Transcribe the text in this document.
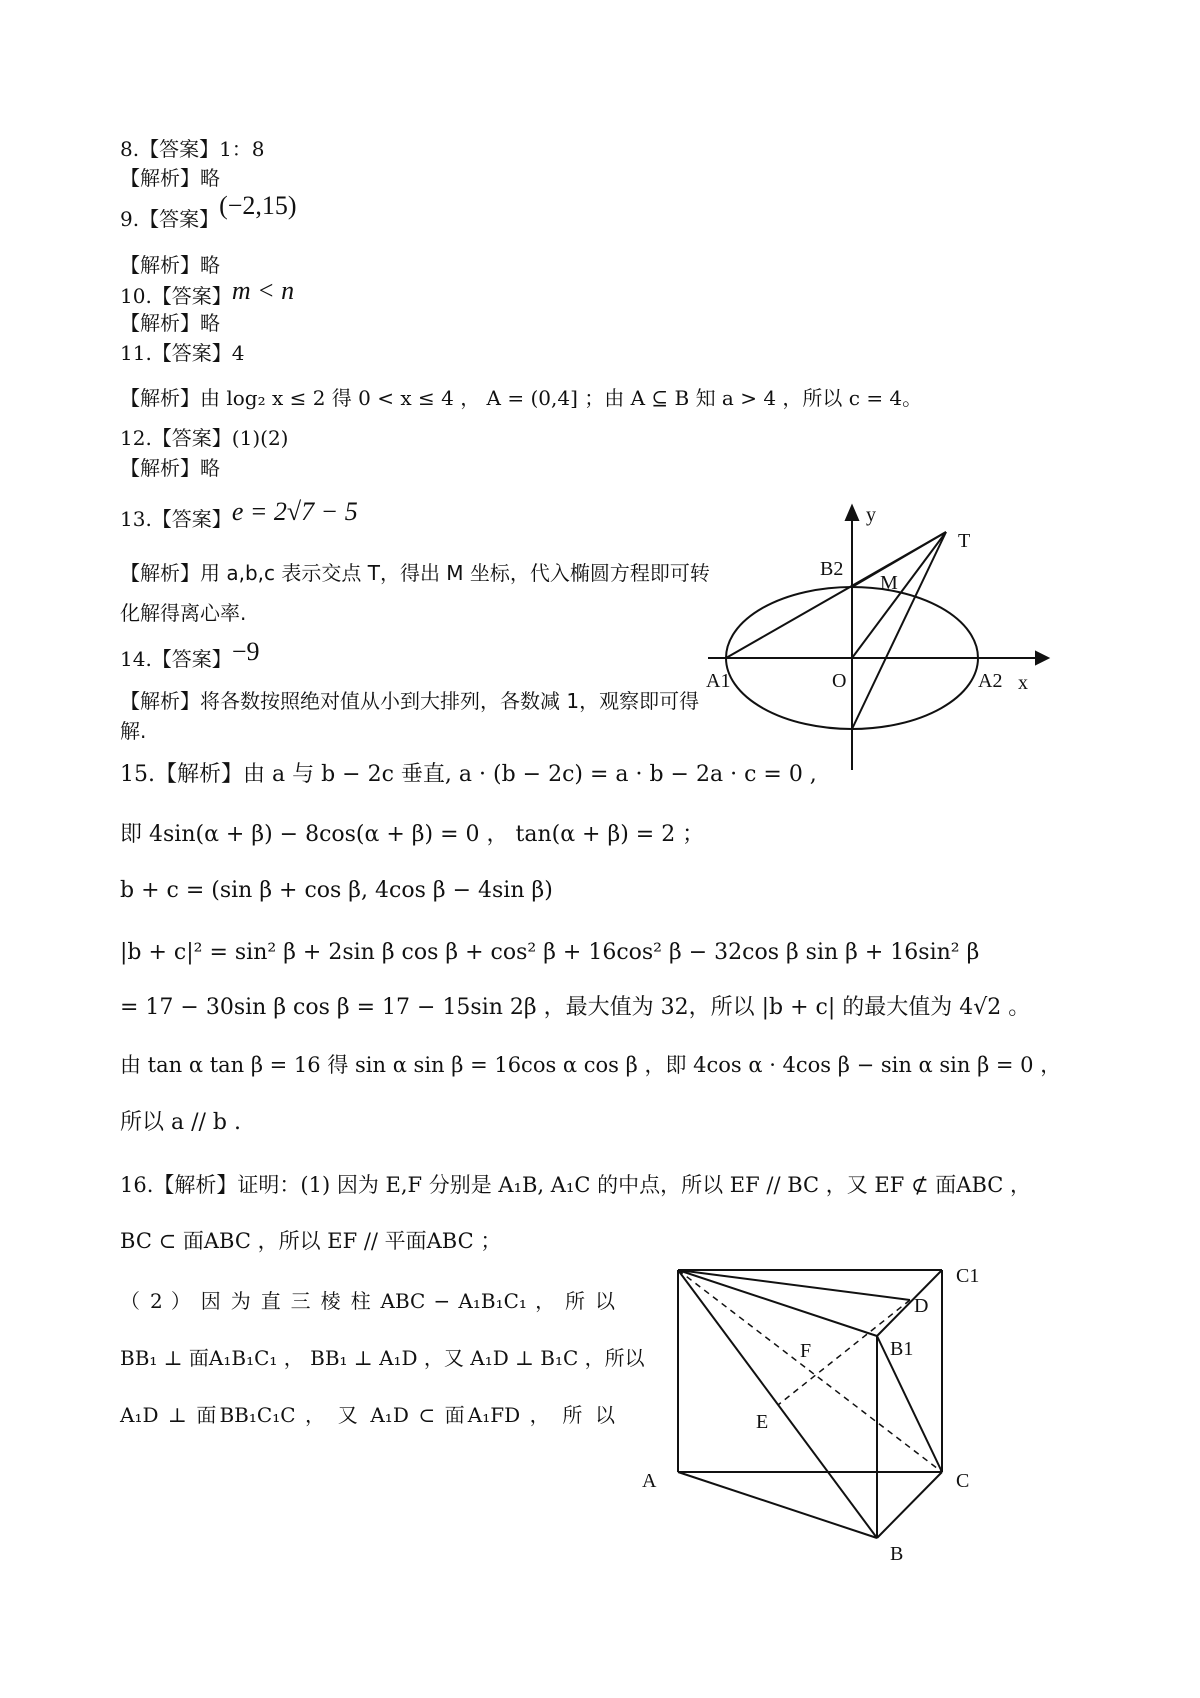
8.【答案】1：8
【解析】略
9.【答案】(−2,15)
【解析】略
10.【答案】m < n
【解析】略
11.【答案】4
【解析】由 log₂ x ≤ 2 得 0 < x ≤ 4 ， A = (0,4] ；由 A ⊆ B 知 a > 4 ，所以 c = 4。
12.【答案】(1)(2)
【解析】略
13.【答案】e = 2√7 − 5
【解析】用 a,b,c 表示交点 T，得出 M 坐标，代入椭圆方程即可转
化解得离心率.
14.【答案】−9
【解析】将各数按照绝对值从小到大排列，各数减 1，观察即可得
解.
15.【解析】由 a 与 b − 2c 垂直, a · (b − 2c) = a · b − 2a · c = 0 ,
即 4sin(α + β) − 8cos(α + β) = 0 ， tan(α + β) = 2 ；
b + c = (sin β + cos β, 4cos β − 4sin β)
|b + c|² = sin² β + 2sin β cos β + cos² β + 16cos² β − 32cos β sin β + 16sin² β
= 17 − 30sin β cos β = 17 − 15sin 2β ，最大值为 32，所以 |b + c| 的最大值为 4√2 。
由 tan α tan β = 16 得 sin α sin β = 16cos α cos β ，即 4cos α · 4cos β − sin α sin β = 0 ，
所以 a // b .
16.【解析】证明：(1) 因为 E,F 分别是 A₁B, A₁C 的中点，所以 EF // BC ，又 EF ⊄ 面ABC ，
BC ⊂ 面ABC ，所以 EF // 平面ABC ；
（ 2 ） 因 为 直 三 棱 柱 ABC − A₁B₁C₁ ， 所 以
BB₁ ⊥ 面A₁B₁C₁ ， BB₁ ⊥ A₁D ，又 A₁D ⊥ B₁C ，所以
A₁D ⊥ 面BB₁C₁C ， 又 A₁D ⊂ 面A₁FD ， 所 以
y
T
B2
M
A1	O	A2 x
C1
D
B1
F
E
A	C
B
